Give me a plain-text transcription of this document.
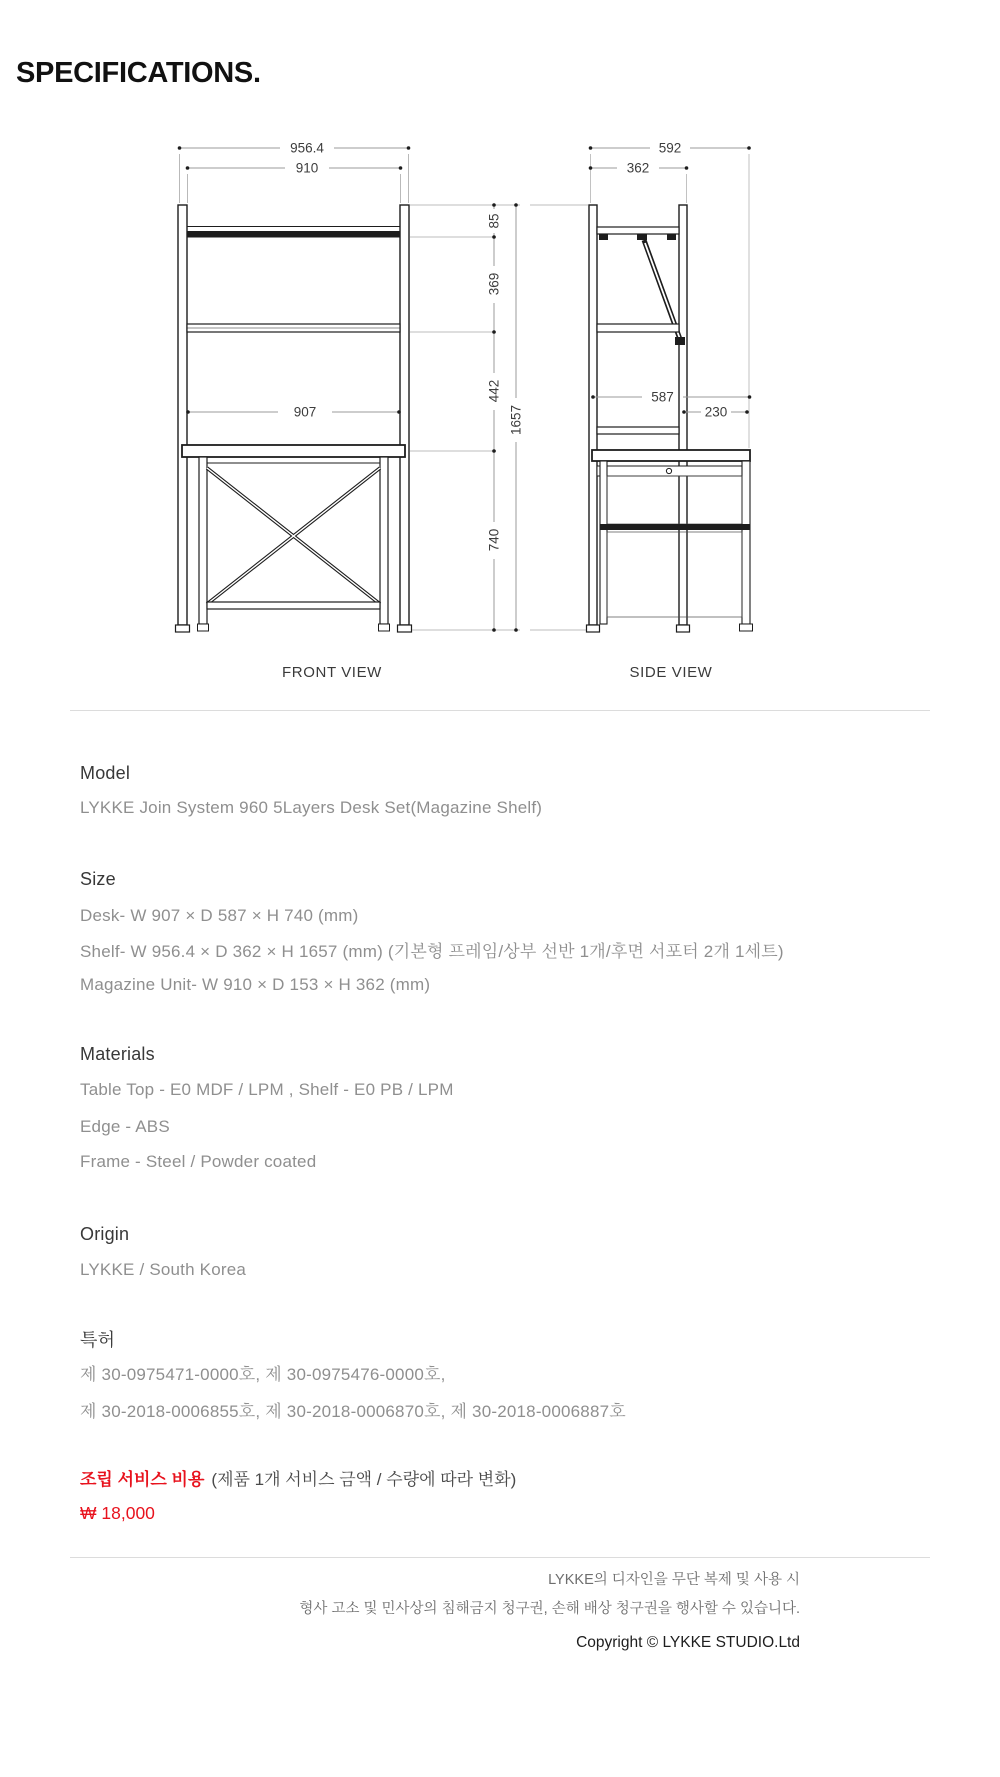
SPECIFICATIONS.
956.4
910
907
85
369
442
740
1657
592
362
587
230
FRONT VIEW	SIDE VIEW
Model
LYKKE Join System 960 5Layers Desk Set(Magazine Shelf)
Size
Desk- W 907 × D 587 × H 740 (mm)
Shelf- W 956.4 × D 362 × H 1657 (mm) (기본형 프레임/상부 선반 1개/후면 서포터 2개 1세트)
Magazine Unit- W 910 × D 153 × H 362 (mm)
Materials
Table Top - E0 MDF / LPM , Shelf - E0 PB / LPM
Edge - ABS
Frame - Steel / Powder coated
Origin
LYKKE / South Korea
특허
제 30-0975471-0000호, 제 30-0975476-0000호,
제 30-2018-0006855호, 제 30-2018-0006870호, 제 30-2018-0006887호
조립 서비스 비용 (제품 1개 서비스 금액 / 수량에 따라 변화)
₩ 18,000
LYKKE의 디자인을 무단 복제 및 사용 시
형사 고소 및 민사상의 침해금지 청구권, 손해 배상 청구권을 행사할 수 있습니다.
Copyright © LYKKE STUDIO.Ltd
